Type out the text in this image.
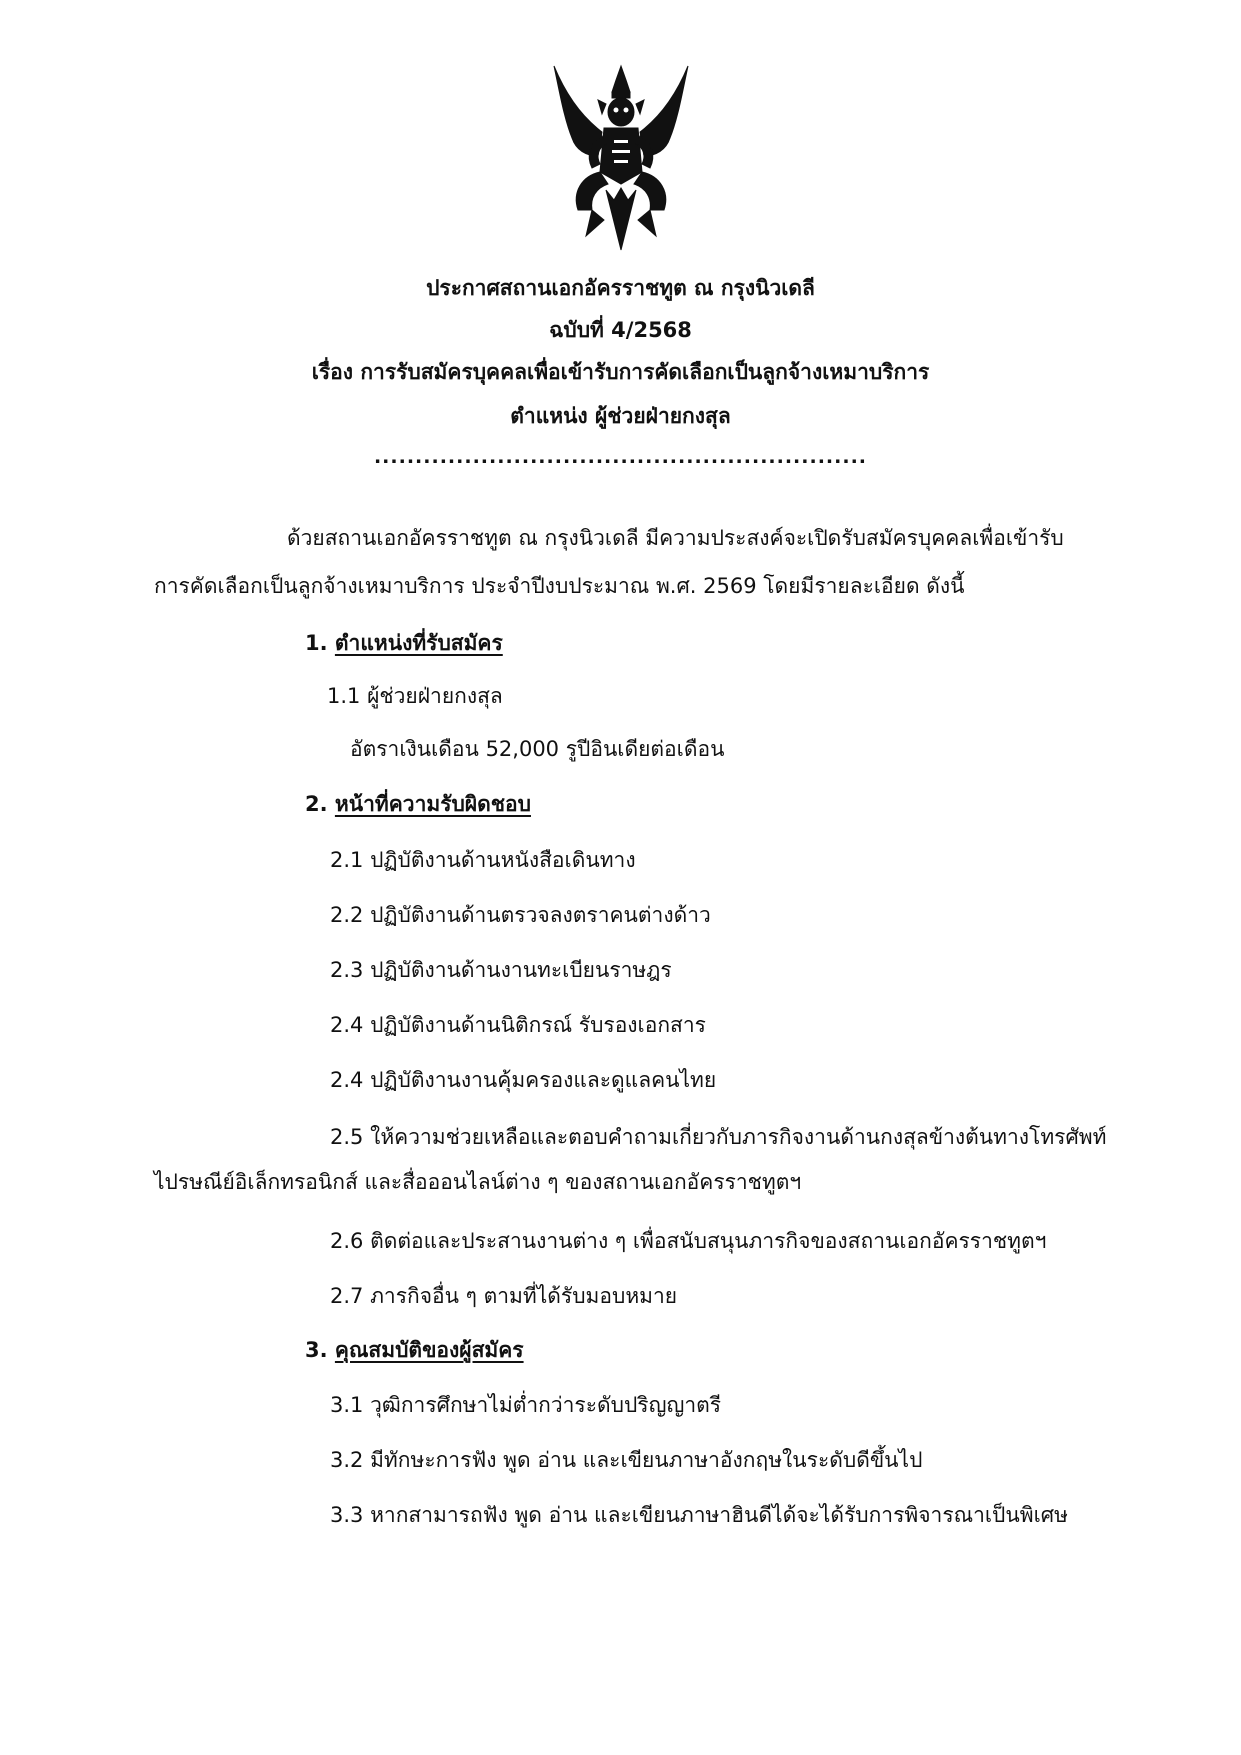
ประกาศสถานเอกอัครราชทูต ณ กรุงนิวเดลี
ฉบับที่ 4/2568
เรื่อง การรับสมัครบุคคลเพื่อเข้ารับการคัดเลือกเป็นลูกจ้างเหมาบริการ
ตำแหน่ง ผู้ช่วยฝ่ายกงสุล
............................................................
ด้วยสถานเอกอัครราชทูต ณ กรุงนิวเดลี มีความประสงค์จะเปิดรับสมัครบุคคลเพื่อเข้ารับ
การคัดเลือกเป็นลูกจ้างเหมาบริการ ประจำปีงบประมาณ พ.ศ. 2569 โดยมีรายละเอียด ดังนี้
1. ตำแหน่งที่รับสมัคร
1.1 ผู้ช่วยฝ่ายกงสุล
อัตราเงินเดือน 52,000 รูปีอินเดียต่อเดือน
2. หน้าที่ความรับผิดชอบ
2.1 ปฏิบัติงานด้านหนังสือเดินทาง
2.2 ปฏิบัติงานด้านตรวจลงตราคนต่างด้าว
2.3 ปฏิบัติงานด้านงานทะเบียนราษฎร
2.4 ปฏิบัติงานด้านนิติกรณ์ รับรองเอกสาร
2.4 ปฏิบัติงานงานคุ้มครองและดูแลคนไทย
2.5 ให้ความช่วยเหลือและตอบคำถามเกี่ยวกับภารกิจงานด้านกงสุลข้างต้นทางโทรศัพท์
ไปรษณีย์อิเล็กทรอนิกส์ และสื่อออนไลน์ต่าง ๆ ของสถานเอกอัครราชทูตฯ
2.6 ติดต่อและประสานงานต่าง ๆ เพื่อสนับสนุนภารกิจของสถานเอกอัครราชทูตฯ
2.7 ภารกิจอื่น ๆ ตามที่ได้รับมอบหมาย
3. คุณสมบัติของผู้สมัคร
3.1 วุฒิการศึกษาไม่ต่ำกว่าระดับปริญญาตรี
3.2 มีทักษะการฟัง พูด อ่าน และเขียนภาษาอังกฤษในระดับดีขึ้นไป
3.3 หากสามารถฟัง พูด อ่าน และเขียนภาษาฮินดีได้จะได้รับการพิจารณาเป็นพิเศษ
